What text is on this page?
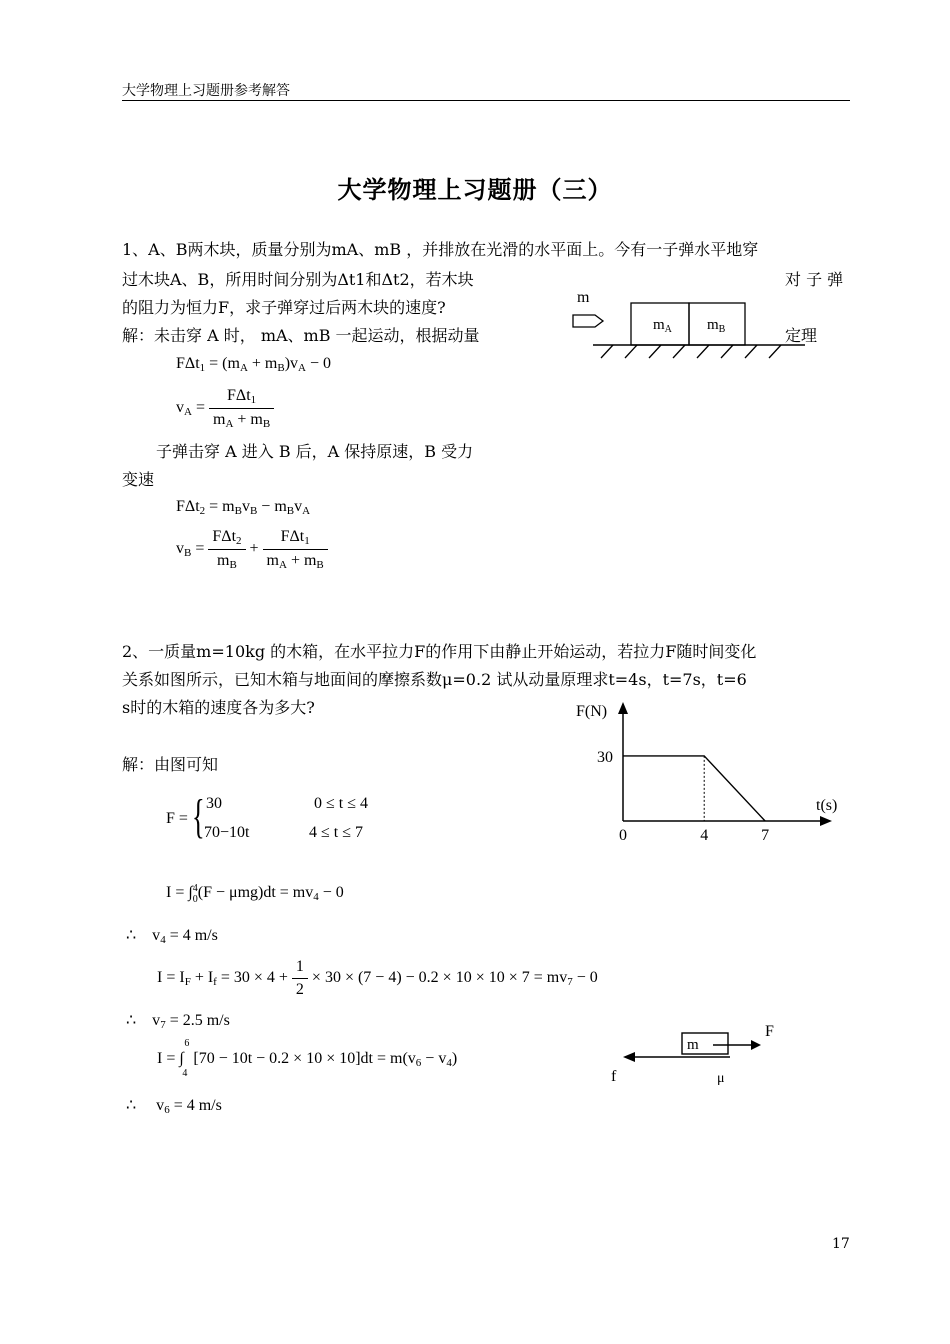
大学物理上习题册参考解答
大学物理上习题册（三）
1、A、B两木块，质量分别为mA、mB ，并排放在光滑的水平面上。今有一子弹水平地穿
过木块A、B，所用时间分别为Δt1和Δt2，若木块	对 子 弹
的阻力为恒力F，求子弹穿过后两木块的速度?
解：未击穿 A 时， mA、mB 一起运动，根据动量	定理
$F\Delta t_1 = (m_A + m_B)v_A - 0$
$v_A = \frac{F\Delta t_1}{m_A + m_B}$
子弹击穿 A 进入 B 后，A 保持原速，B 受力
变速
$F\Delta t_2 = m_Bv_B - m_Bv_A$
$v_B = \frac{F\Delta t_2}{m_B} + \frac{F\Delta t_1}{m_A + m_B}$
m
$m_A$ $m_B$
2、一质量m=10kg 的木箱，在水平拉力F的作用下由静止开始运动，若拉力F随时间变化
关系如图所示，已知木箱与地面间的摩擦系数μ=0.2 试从动量原理求t=4s，t=7s，t=6
s时的木箱的速度各为多大?
解：由图可知
F(N)
t(s)
0	4	7
30
F = { 30	0 ≤ t ≤ 4
70−10t	4 ≤ t ≤ 7
$I = \int^4_0(F - \mu mg)dt = mv_4 - 0$
∴    $v_4 = 4$ m/s
$I = I_F + I_f = 30 \times 4 + \frac{1}{2} \times 30 \times (7 - 4) - 0.2 \times 10 \times 10 \times 7 = mv_7 - 0$
∴    $v_7 = 2.5$ m/s
I =
6
∫
4
$[70 - 10t - 0.2 \times 10 \times 10]dt = m(v_6 - v_4)$
∴     $v_6 = 4$ m/s
m
F
f	μ
17
